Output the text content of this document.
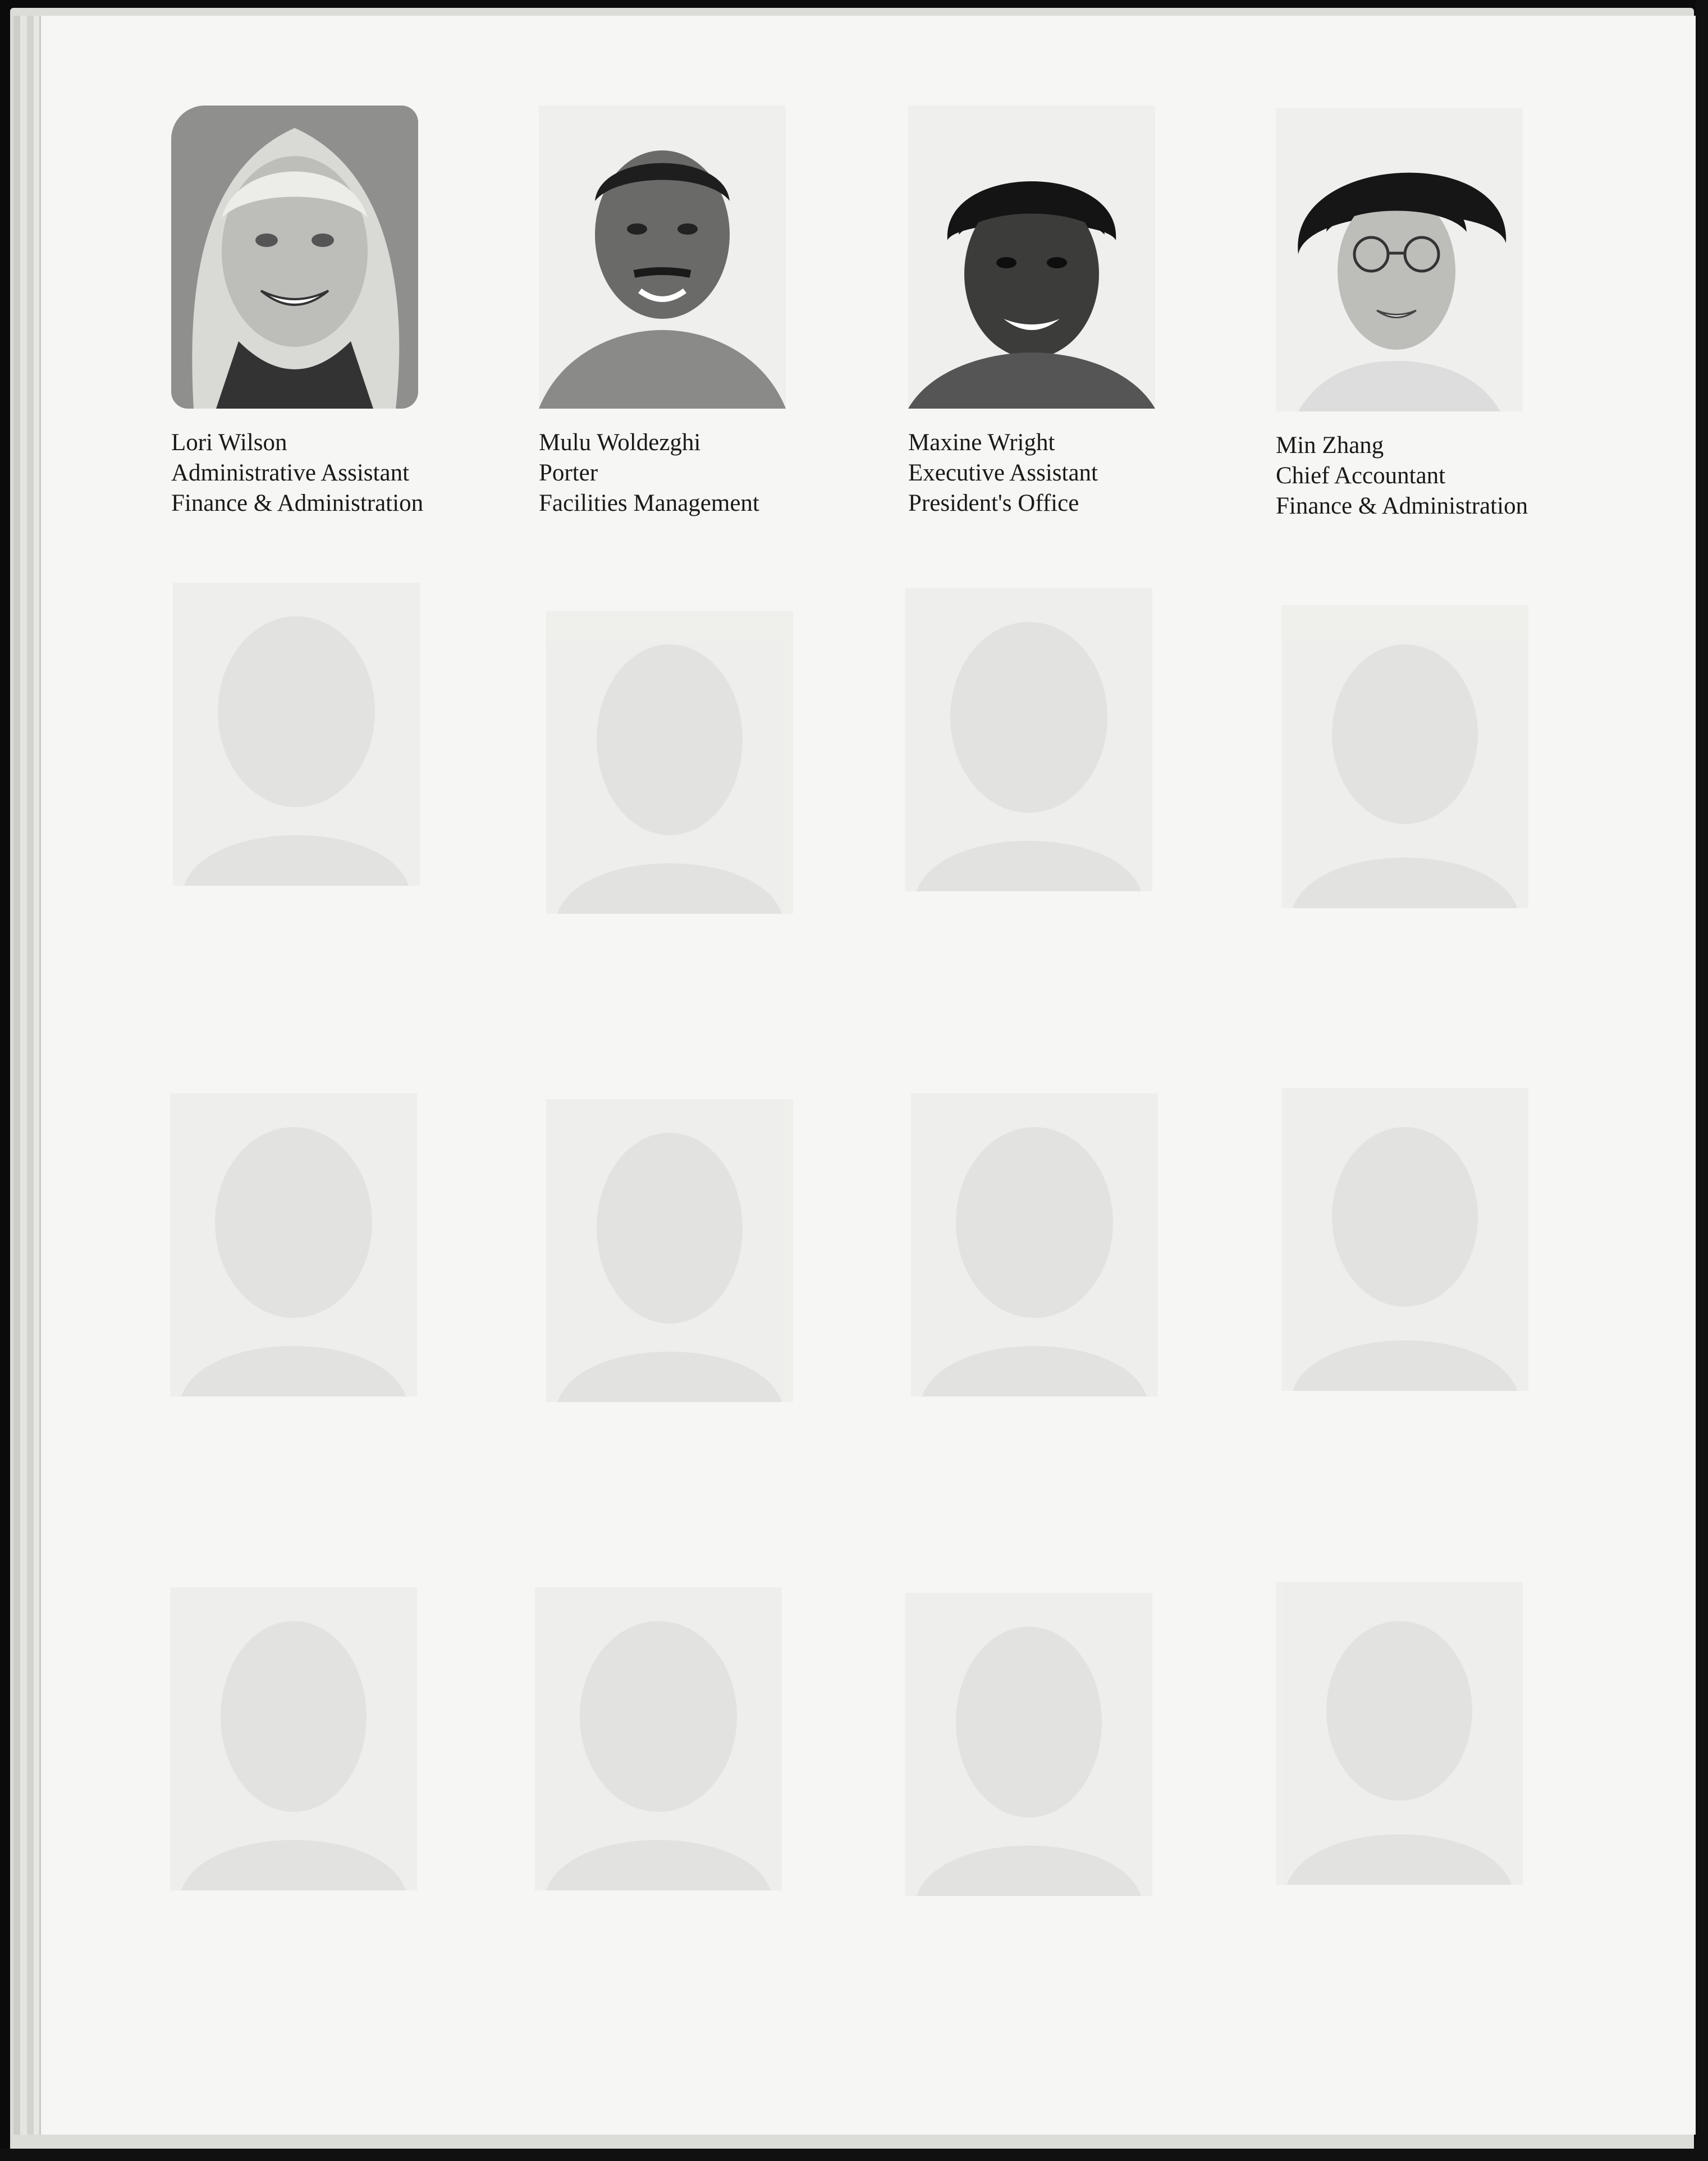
Lori Wilson
Administrative Assistant
Finance & Administration
Mulu Woldezghi
Porter
Facilities Management
Maxine Wright
Executive Assistant
President's Office
Min Zhang
Chief Accountant
Finance & Administration
